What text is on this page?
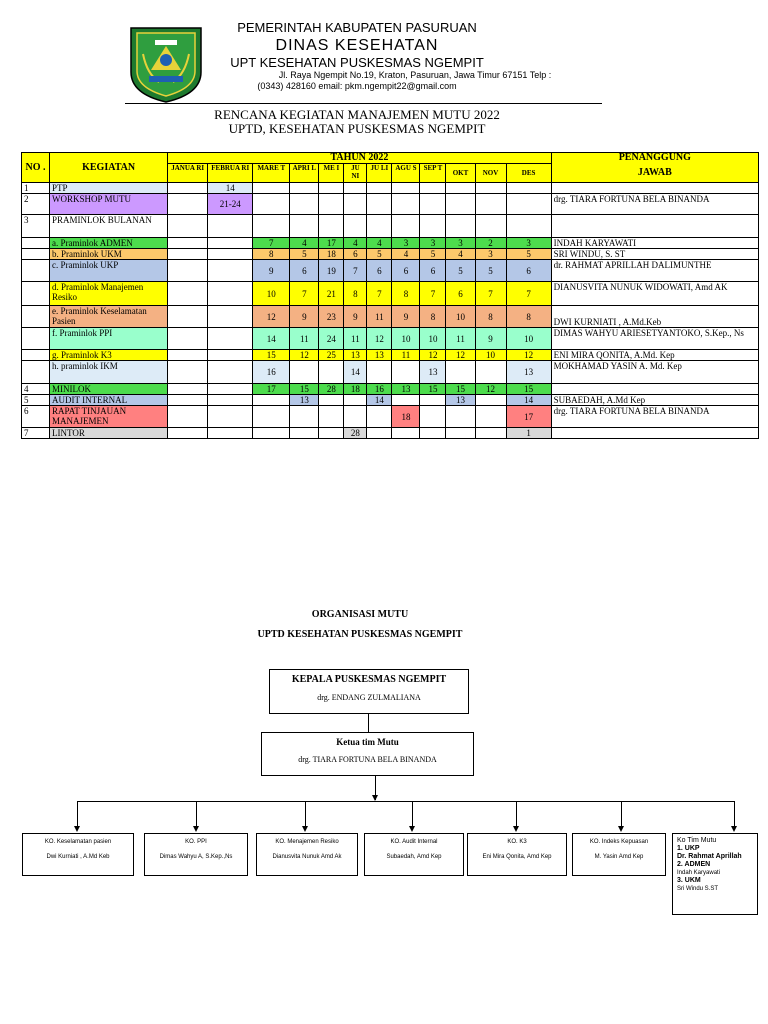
PEMERINTAH KABUPATEN PASURUAN
DINAS KESEHATAN
UPT KESEHATAN PUSKESMAS NGEMPIT
Jl. Raya Ngempit No.19, Kraton, Pasuruan, Jawa Timur 67151 Telp :
(0343) 428160 email: pkm.ngempit22@gmail.com
RENCANA KEGIATAN MANAJEMEN MUTU 2022
UPTD, KESEHATAN PUSKESMAS NGEMPIT
NO .	KEGIATAN	TAHUN 2022												PENANGGUNG
		JANUA RI	FEBRUA RI	MARE T	APRI L	ME I	JU NI	JU LI	AGU S	SEP T	OKT	NOV	DES	JAWAB
1	PTP		14											
2	WORKSHOP MUTU		21-24											drg. TIARA FORTUNA BELA BINANDA
3	PRAMINLOK BULANAN													
	a. Praminlok ADMEN			7	4	17	4	4	3	3	3	2	3	INDAH KARYAWATI
	b. Praminlok UKM			8	5	18	6	5	4	5	4	3	5	SRI WINDU, S. ST
	c. Praminlok UKP			9	6	19	7	6	6	6	5	5	6	dr. RAHMAT APRILLAH DALIMUNTHE
	d. Praminlok Manajemen Resiko			10	7	21	8	7	8	7	6	7	7	DIANUSVITA NUNUK WIDOWATI, Amd AK
	e. Praminlok Keselamatan Pasien			12	9	23	9	11	9	8	10	8	8	DWI KURNIATI , A.Md.Keb
	f. Praminlok PPI			14	11	24	11	12	10	10	11	9	10	DIMAS WAHYU ARIESETYANTOKO, S.Kep., Ns
	g. Praminlok K3			15	12	25	13	13	11	12	12	10	12	ENI MIRA QONITA, A.Md. Kep
	h. praminlok IKM			16			14			13			13	MOKHAMAD YASIN A. Md. Kep
4	MINILOK			17	15	28	18	16	13	15	15	12	15	
5	AUDIT INTERNAL				13			14			13		14	SUBAEDAH, A.Md Kep
6	RAPAT TINJAUAN MANAJEMEN								18				17	drg. TIARA FORTUNA BELA BINANDA
7	LINTOR						28						1	
ORGANISASI MUTU
UPTD KESEHATAN PUSKESMAS NGEMPIT
KEPALA PUSKESMAS NGEMPIT
drg. ENDANG ZULMALIANA
Ketua tim Mutu
drg. TIARA FORTUNA BELA BINANDA
KO. Keselamatan pasien
Dwi Kurniati , A.Md Keb
KO. PPI
Dimas Wahyu A, S.Kep.,Ns
KO. Menajemen Resiko
Dianusvita Nunuk Amd Ak
KO. Audit Internal
Subaedah, Amd Kep
KO. K3
Eni Mira Qonita, Amd Kep
KO. Indeks Kepuasan
M. Yasin Amd Kep
Ko Tim Mutu
1. UKP
Dr. Rahmat Aprillah
2. ADMEN
Indah Karyawati
3. UKM
Sri Windu S.ST
